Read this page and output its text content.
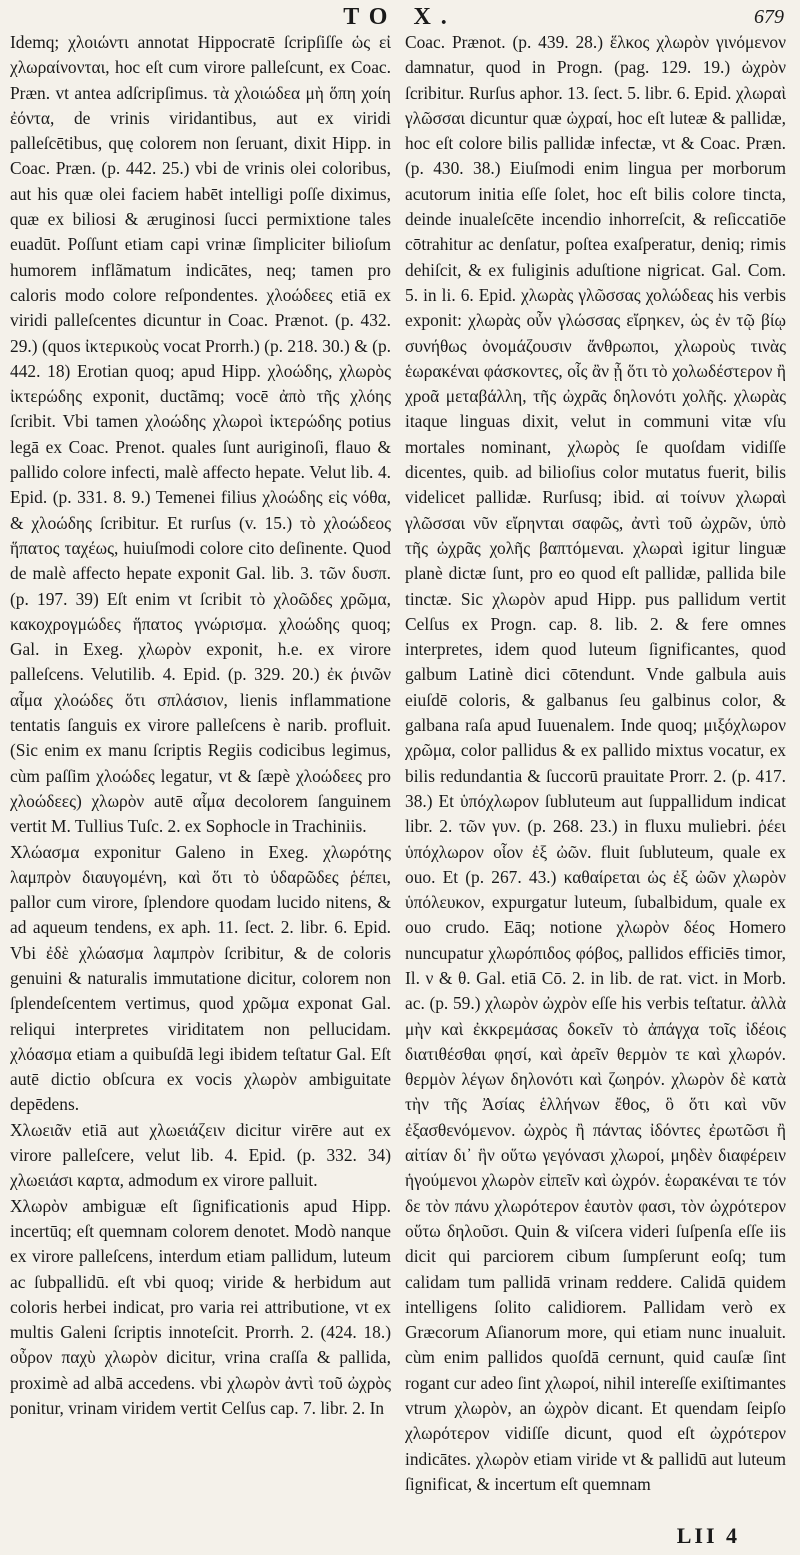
TO X.	679

Idemq; χλοιώντι annotat Hippocratē ſcripſiſſe ὡς εἰ χλωραίνονται, hoc eſt cum virore palleſcunt, ex Coac. Præn. vt antea adſcripſimus. τὰ χλοιώδεα μὴ ὅπη χοίη ἐόντα, de vrinis viridantibus, aut ex viridi palleſcētibus, quę colorem non ſeruant, dixit Hipp. in Coac. Præn. (p. 442. 25.) vbi de vrinis olei coloribus, aut his quæ olei faciem habēt intelligi poſſe diximus, quæ ex biliosi & æruginosi ſucci permixtione tales euadūt. Poſſunt etiam capi vrinæ ſimpliciter bilioſum humorem inflãmatum indicātes, neq; tamen pro caloris modo colore reſpondentes. χλοώδεες etiā ex viridi palleſcentes dicuntur in Coac. Prænot. (p. 432. 29.) (quos ἰκτερικοὺς vocat Prorrh.) (p. 218. 30.) & (p. 442. 18) Erotian quoq; apud Hipp. χλοώδης, χλωρὸς ἰκτερώδης exponit, ductãmq; vocē ἀπὸ τῆς χλόης ſcribit. Vbi tamen χλοώδης χλωροὶ ἰκτερώδης potius legā ex Coac. Prenot. quales ſunt auriginoſi, flauo & pallido colore infecti, malè affecto hepate. Velut lib. 4. Epid. (p. 331. 8. 9.) Temenei filius χλοώδης εἰς νόθα, & χλοώδης ſcribitur. Et rurſus (v. 15.) τὸ χλοώδεος ἥπατος ταχέως, huiuſmodi colore cito deſinente. Quod de malè affecto hepate exponit Gal. lib. 3. τῶν δυσπ. (p. 197. 39) Eſt enim vt ſcribit τὸ χλοῶδες χρῶμα, κακοχρογμώδες ἥπατος γνώρισμα. χλοώδης quoq; Gal. in Exeg. χλωρὸν exponit, h.e. ex virore palleſcens. Velutilib. 4. Epid. (p. 329. 20.) ἐκ ῥινῶν αἷμα χλοώδες ὅτι σπλάσιον, lienis inflammatione tentatis ſanguis ex virore palleſcens è narib. profluit. (Sic enim ex manu ſcriptis Regiis codicibus legimus, cùm paſſim χλοώδες legatur, vt & ſæpè χλοώδεες pro χλοώδεες) χλωρὸν autē αἷμα decolorem ſanguinem vertit M. Tullius Tuſc. 2. ex Sophocle in Trachiniis.

Χλώασμα exponitur Galeno in Exeg. χλωρότης λαμπρὸν διαυγομένη, καὶ ὅτι τὸ ὑδαρῶδες ῥέπει, pallor cum virore, ſplendore quodam lucido nitens, & ad aqueum tendens, ex aph. 11. ſect. 2. libr. 6. Epid. Vbi ἐδὲ χλώασμα λαμπρὸν ſcribitur, & de coloris genuini & naturalis immutatione dicitur, colorem non ſplendeſcentem vertimus, quod χρῶμα exponat Gal. reliqui interpretes viriditatem non pellucidam. χλόασμα etiam a quibuſdā legi ibidem teſtatur Gal. Eſt autē dictio obſcura ex vocis χλωρὸν ambiguitate depēdens.

Χλωειᾶν etiā aut χλωειάζειν dicitur virēre aut ex virore palleſcere, velut lib. 4. Epid. (p. 332. 34) χλωειάσι καρτα, admodum ex virore palluit.

Χλωρὸν ambiguæ eſt ſignificationis apud Hipp. incertūq; eſt quemnam colorem denotet. Modò nanque ex virore palleſcens, interdum etiam pallidum, luteum ac ſubpallidū. eſt vbi quoq; viride & herbidum aut coloris herbei indicat, pro varia rei attributione, vt ex multis Galeni ſcriptis innoteſcit. Prorrh. 2. (424. 18.) οὖρον παχὺ χλωρὸν dicitur, vrina craſſa & pallida, proximè ad albā accedens. vbi χλωρὸν ἀντὶ τοῦ ὠχρὸς ponitur, vrinam viridem vertit Celſus cap. 7. libr. 2. In

Coac. Prænot. (p. 439. 28.) ἕλκος χλωρὸν γινόμενον damnatur, quod in Progn. (pag. 129. 19.) ὠχρὸν ſcribitur. Rurſus aphor. 13. ſect. 5. libr. 6. Epid. χλωραὶ γλῶσσαι dicuntur quæ ὠχραί, hoc eſt luteæ & pallidæ, hoc eſt colore bilis pallidæ infectæ, vt & Coac. Præn. (p. 430. 38.) Eiuſmodi enim lingua per morborum acutorum initia eſſe ſolet, hoc eſt bilis colore tincta, deinde inualeſcēte incendio inhorreſcit, & reſiccatiōe cōtrahitur ac denſatur, poſtea exaſperatur, deniq; rimis dehiſcit, & ex fuliginis aduſtione nigricat. Gal. Com. 5. in li. 6. Epid. χλωρὰς γλῶσσας χολώδεας his verbis exponit: χλωρὰς οὖν γλώσσας εἴρηκεν, ὡς ἐν τῷ βίῳ συνήθως ὀνομάζουσιν ἄνθρωποι, χλωροὺς τινὰς ἑωρακέναι φάσκοντες, οἷς ἂν ᾖ ὅτι τὸ χολωδέστερον ἢ χροᾶ μεταβάλλη, τῆς ὠχρᾶς δηλονότι χολῆς. χλωρὰς itaque linguas dixit, velut in communi vitæ vſu mortales nominant, χλωρὸς ſe quoſdam vidiſſe dicentes, quib. ad bilioſius color mutatus fuerit, bilis videlicet pallidæ. Rurſusq; ibid. αἱ τοίνυν χλωραὶ γλῶσσαι νῦν εἴρηνται σαφῶς, ἀντὶ τοῦ ὠχρῶν, ὑπὸ τῆς ὠχρᾶς χολῆς βαπτόμεναι. χλωραὶ igitur linguæ planè dictæ ſunt, pro eo quod eſt pallidæ, pallida bile tinctæ. Sic χλωρὸν apud Hipp. pus pallidum vertit Celſus ex Progn. cap. 8. lib. 2. & fere omnes interpretes, idem quod luteum ſignificantes, quod galbum Latinè dici cōtendunt. Vnde galbula auis eiuſdē coloris, & galbanus ſeu galbinus color, & galbana raſa apud Iuuenalem. Inde quoq; μιξόχλωρον χρῶμα, color pallidus & ex pallido mixtus vocatur, ex bilis redundantia & ſuccorū prauitate Prorr. 2. (p. 417. 38.) Et ὑπόχλωρον ſubluteum aut ſuppallidum indicat libr. 2. τῶν γυν. (p. 268. 23.) in fluxu muliebri. ῥέει ὑπόχλωρον οἷον ἐξ ὠῶν. fluit ſubluteum, quale ex ouo. Et (p. 267. 43.) καθαίρεται ὡς ἐξ ὠῶν χλωρὸν ὑπόλευκον, expurgatur luteum, ſubalbidum, quale ex ouo crudo. Eāq; notione χλωρὸν δέος Homero nuncupatur χλωρόπιδος φόβος, pallidos efficiēs timor, Il. ν & θ. Gal. etiā Cō. 2. in lib. de rat. vict. in Morb. ac. (p. 59.) χλωρὸν ὠχρὸν eſſe his verbis teſtatur. ἀλλὰ μὴν καὶ ἐκκρεμάσας δοκεῖν τὸ ἀπάγχα τοῖς ἰδέοις διατιθέσθαι φησί, καὶ ἀρεῖν θερμὸν τε καὶ χλωρόν. θερμὸν λέγων δηλονότι καὶ ζωηρόν. χλωρὸν δὲ κατὰ τὴν τῆς Ἀσίας ἑλλήνων ἔθος, ὃ ὅτι καὶ νῦν ἐξασθενόμενον. ὠχρὸς ἢ πάντας ἰδόντες ἐρωτῶσι ἢ αἰτίαν δι᾽ ἣν οὕτω γεγόνασι χλωροί, μηδὲν διαφέρειν ἡγούμενοι χλωρὸν εἰπεῖν καὶ ὠχρόν. ἑωρακέναι τε τόν δε τὸν πάνυ χλωρότερον ἑαυτὸν φασι, τὸν ὠχρότερον οὕτω δηλοῦσι. Quin & viſcera videri ſuſpenſa eſſe iis dicit qui parciorem cibum ſumpſerunt eoſq; tum calidam tum pallidā vrinam reddere. Calidā quidem intelligens ſolito calidiorem. Pallidam verò ex Græcorum Aſianorum more, qui etiam nunc inualuit. cùm enim pallidos quoſdā cernunt, quid cauſæ ſint rogant cur adeo ſint χλωροί, nihil intereſſe exiſtimantes vtrum χλωρὸν, an ὠχρὸν dicant. Et quendam ſeipſo χλωρότερον vidiſſe dicunt, quod eſt ὠχρότερον indicātes. χλωρὸν etiam viride vt & pallidū aut luteum ſignificat, & incertum eſt quemnam

LII 4
